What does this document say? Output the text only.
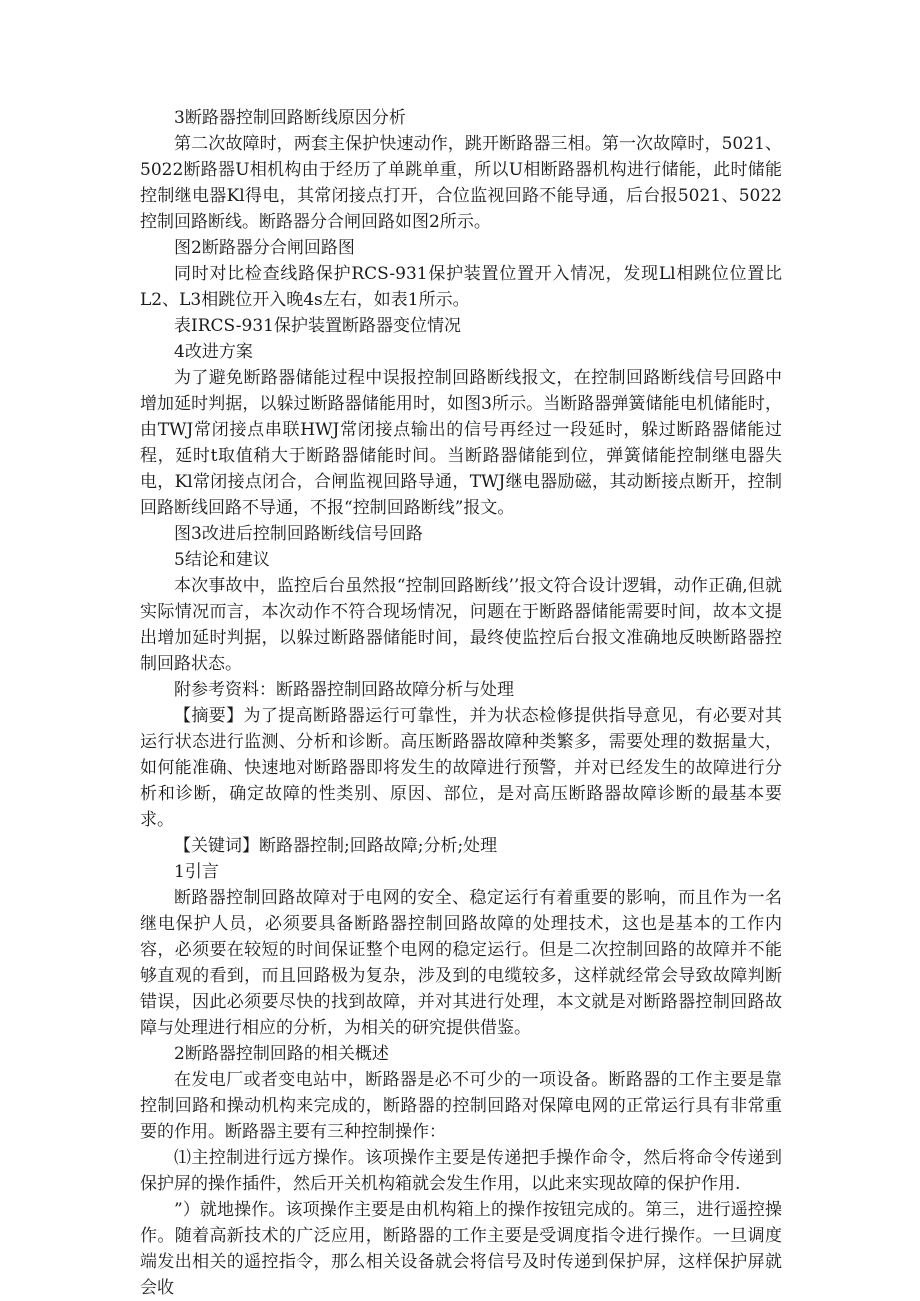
3断路器控制回路断线原因分析

第二次故障时，两套主保护快速动作，跳开断路器三相。第一次故障时，5021、5022断路器U相机构由于经历了单跳单重，所以U相断路器机构进行储能，此时储能控制继电器Kl得电，其常闭接点打开，合位监视回路不能导通，后台报5021、5022控制回路断线。断路器分合闸回路如图2所示。

图2断路器分合闸回路图

同时对比检查线路保护RCS-931保护装置位置开入情况，发现Ll相跳位位置比L2、L3相跳位开入晚4s左右，如表1所示。

表IRCS-931保护装置断路器变位情况

4改进方案

为了避免断路器储能过程中误报控制回路断线报文，在控制回路断线信号回路中增加延时判据，以躲过断路器储能用时，如图3所示。当断路器弹簧储能电机储能时，由TWJ常闭接点串联HWJ常闭接点输出的信号再经过一段延时，躲过断路器储能过程，延时t取值稍大于断路器储能时间。当断路器储能到位，弹簧储能控制继电器失电，Kl常闭接点闭合，合闸监视回路导通，TWJ继电器励磁，其动断接点断开，控制回路断线回路不导通，不报“控制回路断线”报文。

图3改进后控制回路断线信号回路

5结论和建议

本次事故中，监控后台虽然报“控制回路断线’’报文符合设计逻辑，动作正确,但就实际情况而言，本次动作不符合现场情况，问题在于断路器储能需要时间，故本文提出增加延时判据，以躲过断路器储能时间，最终使监控后台报文准确地反映断路器控制回路状态。

附参考资料：断路器控制回路故障分析与处理

【摘要】为了提高断路器运行可靠性，并为状态检修提供指导意见，有必要对其运行状态进行监测、分析和诊断。高压断路器故障种类繁多，需要处理的数据量大，如何能准确、快速地对断路器即将发生的故障进行预警，并对已经发生的故障进行分析和诊断，确定故障的性类别、原因、部位，是对高压断路器故障诊断的最基本要求。

【关键词】断路器控制;回路故障;分析;处理

1引言

断路器控制回路故障对于电网的安全、稳定运行有着重要的影响，而且作为一名继电保护人员，必须要具备断路器控制回路故障的处理技术，这也是基本的工作内容，必须要在较短的时间保证整个电网的稳定运行。但是二次控制回路的故障并不能够直观的看到，而且回路极为复杂，涉及到的电缆较多，这样就经常会导致故障判断错误，因此必须要尽快的找到故障，并对其进行处理，本文就是对断路器控制回路故障与处理进行相应的分析，为相关的研究提供借鉴。

2断路器控制回路的相关概述

在发电厂或者变电站中，断路器是必不可少的一项设备。断路器的工作主要是靠控制回路和操动机构来完成的，断路器的控制回路对保障电网的正常运行具有非常重要的作用。断路器主要有三种控制操作：

⑴主控制进行远方操作。该项操作主要是传递把手操作命令，然后将命令传递到保护屏的操作插件，然后开关机构箱就会发生作用，以此来实现故障的保护作用.

”）就地操作。该项操作主要是由机构箱上的操作按钮完成的。第三，进行遥控操作。随着高新技术的广泛应用，断路器的工作主要是受调度指令进行操作。一旦调度端发出相关的遥控指令，那么相关设备就会将信号及时传递到保护屏，这样保护屏就会收
